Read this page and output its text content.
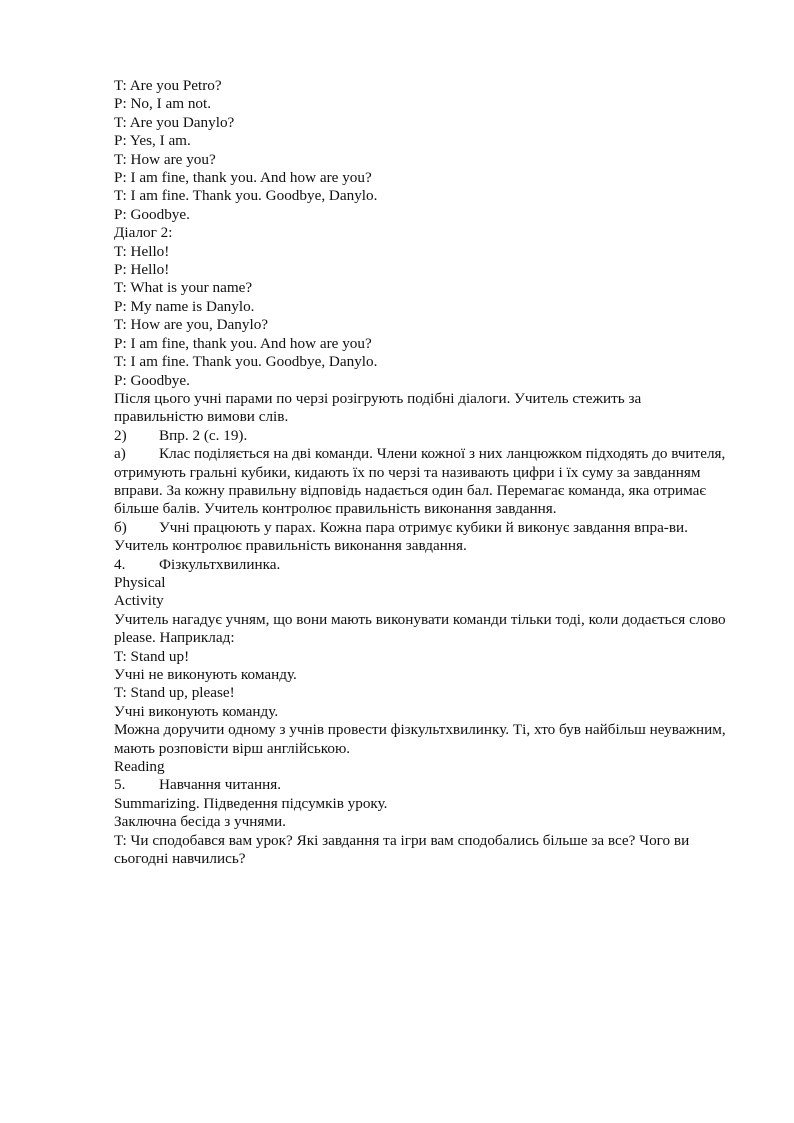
T: Are you Petro?
P: No, I am not.
T: Are you Danylo?
P: Yes, I am.
T: How are you?
P: I am fine, thank you. And how are you?
T: I am fine. Thank you. Goodbye, Danylo.
P: Goodbye.
Діалог 2:
T: Hello!
P: Hello!
T: What is your name?
P: My name is Danylo.
T: How are you, Danylo?
P: I am fine, thank you. And how are you?
T: I am fine. Thank you. Goodbye, Danylo.
P: Goodbye.
Після цього учні парами по черзі розігрують подібні діалоги. Учитель стежить за правильністю вимови слів.
2) Впр. 2 (с. 19).
а) Клас поділяється на дві команди. Члени кожної з них ланцюжком підходять до вчителя, отримують гральні кубики, кидають їх по черзі та називають цифри і їх суму за завданням вправи. За кожну правильну відповідь надається один бал. Перемагає команда, яка отримає більше балів. Учитель контролює правильність виконання завдання.
б) Учні працюють у парах. Кожна пара отримує кубики й виконує завдання впра-ви. Учитель контролює правильність виконання завдання.
4. Фізкультхвилинка.
Physical
Activity
Учитель нагадує учням, що вони мають виконувати команди тільки тоді, коли додається слово please. Наприклад:
T: Stand up!
Учні не виконують команду.
T: Stand up, please!
Учні виконують команду.
Можна доручити одному з учнів провести фізкультхвилинку. Ті, хто був найбільш неуважним, мають розповісти вірш англійською.
Reading
5. Навчання читання.
Summarizing. Підведення підсумків уроку.
Заключна бесіда з учнями.
T: Чи сподобався вам урок? Які завдання та ігри вам сподобались більше за все? Чого ви сьогодні навчились?
